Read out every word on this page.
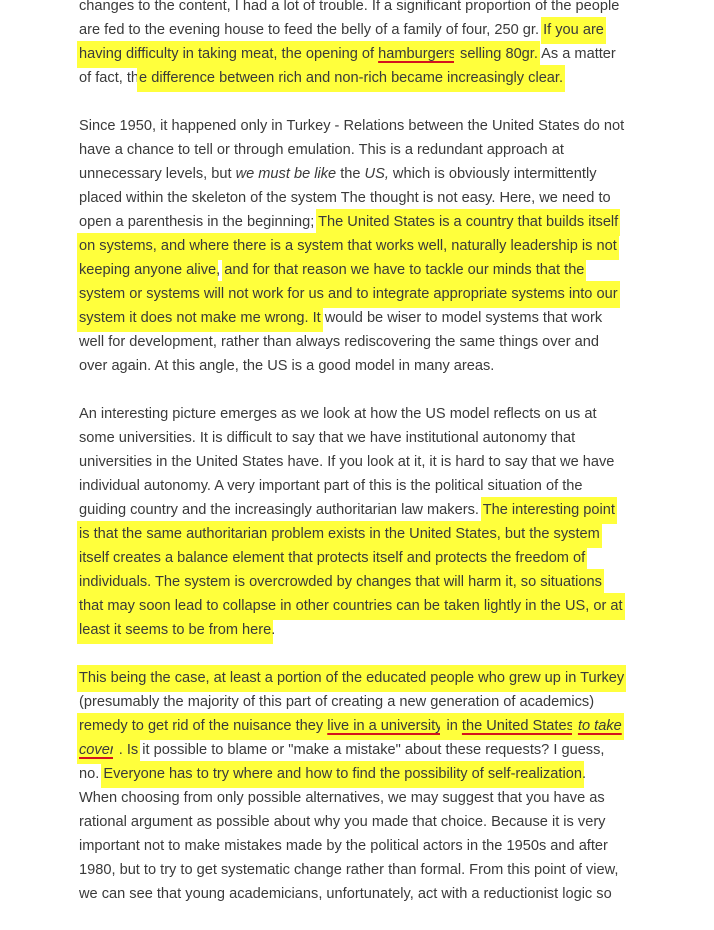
changes to the content, I had a lot of trouble. If a significant proportion of the people
are fed to the evening house to feed the belly of a family of four, 250 gr. If you are
having difficulty in taking meat, the opening of hamburgers selling 80gr. As a matter
of fact, the difference between rich and non-rich became increasingly clear.
Since 1950, it happened only in Turkey - Relations between the United States do not
have a chance to tell or through emulation. This is a redundant approach at
unnecessary levels, but we must be like the US, which is obviously intermittently
placed within the skeleton of the system The thought is not easy. Here, we need to
open a parenthesis in the beginning; The United States is a country that builds itself
on systems, and where there is a system that works well, naturally leadership is not
keeping anyone alive, and for that reason we have to tackle our minds that the
system or systems will not work for us and to integrate appropriate systems into our
system it does not make me wrong. It would be wiser to model systems that work
well for development, rather than always rediscovering the same things over and
over again. At this angle, the US is a good model in many areas.
An interesting picture emerges as we look at how the US model reflects on us at
some universities. It is difficult to say that we have institutional autonomy that
universities in the United States have. If you look at it, it is hard to say that we have
individual autonomy. A very important part of this is the political situation of the
guiding country and the increasingly authoritarian law makers. The interesting point
is that the same authoritarian problem exists in the United States, but the system
itself creates a balance element that protects itself and protects the freedom of
individuals. The system is overcrowded by changes that will harm it, so situations
that may soon lead to collapse in other countries can be taken lightly in the US, or at
least it seems to be from here.
This being the case, at least a portion of the educated people who grew up in Turkey
(presumably the majority of this part of creating a new generation of academics)
remedy to get rid of the nuisance they live in a university in the United States to take
cover . Is it possible to blame or "make a mistake" about these requests? I guess,
no. Everyone has to try where and how to find the possibility of self-realization.
When choosing from only possible alternatives, we may suggest that you have as
rational argument as possible about why you made that choice. Because it is very
important not to make mistakes made by the political actors in the 1950s and after
1980, but to try to get systematic change rather than formal. From this point of view,
we can see that young academicians, unfortunately, act with a reductionist logic so
